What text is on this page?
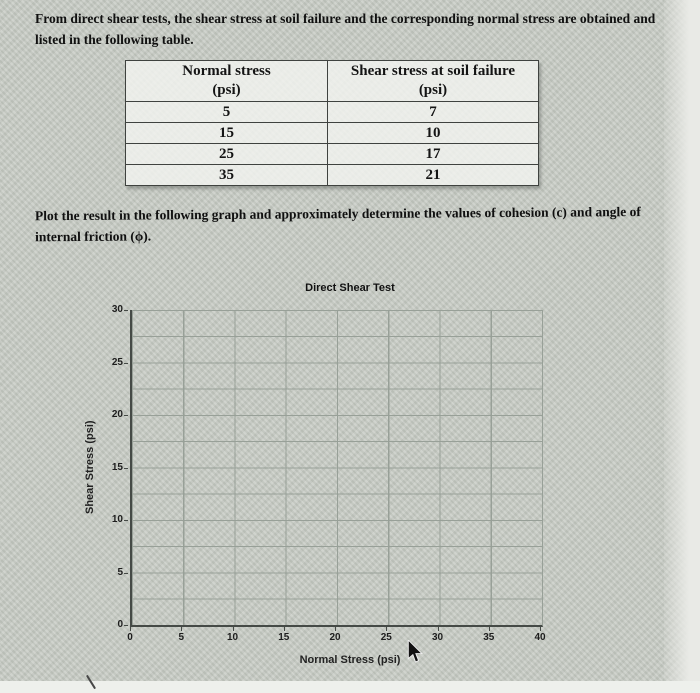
From direct shear tests, the shear stress at soil failure and the corresponding normal stress are obtained and listed in the following table.

Normal stress
(psi)

Shear stress at soil failure
(psi)

5	7
15	10
25	17
35	21

Plot the result in the following graph and approximately determine the values of cohesion (c) and angle of internal friction (ϕ).

Direct Shear Test
Shear Stress (psi)
Normal Stress (psi)
0	5	10	15	20	25	30	35	40
0
5
10
15
20
25
30
